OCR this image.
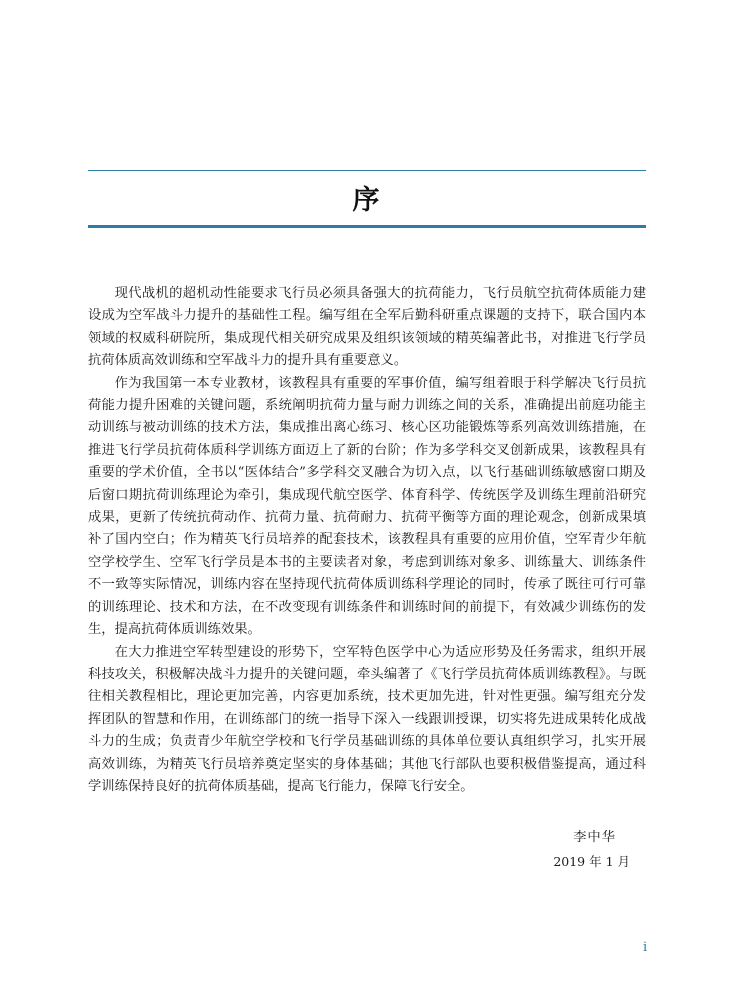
序

现代战机的超机动性能要求飞行员必须具备强大的抗荷能力，飞行员航空抗荷体质能力建设成为空军战斗力提升的基础性工程。编写组在全军后勤科研重点课题的支持下，联合国内本领域的权威科研院所，集成现代相关研究成果及组织该领域的精英编著此书，对推进飞行学员抗荷体质高效训练和空军战斗力的提升具有重要意义。

作为我国第一本专业教材，该教程具有重要的军事价值，编写组着眼于科学解决飞行员抗荷能力提升困难的关键问题，系统阐明抗荷力量与耐力训练之间的关系，准确提出前庭功能主动训练与被动训练的技术方法，集成推出离心练习、核心区功能锻炼等系列高效训练措施，在推进飞行学员抗荷体质科学训练方面迈上了新的台阶；作为多学科交叉创新成果，该教程具有重要的学术价值，全书以“医体结合”多学科交叉融合为切入点，以飞行基础训练敏感窗口期及后窗口期抗荷训练理论为牵引，集成现代航空医学、体育科学、传统医学及训练生理前沿研究成果，更新了传统抗荷动作、抗荷力量、抗荷耐力、抗荷平衡等方面的理论观念，创新成果填补了国内空白；作为精英飞行员培养的配套技术，该教程具有重要的应用价值，空军青少年航空学校学生、空军飞行学员是本书的主要读者对象，考虑到训练对象多、训练量大、训练条件不一致等实际情况，训练内容在坚持现代抗荷体质训练科学理论的同时，传承了既往可行可靠的训练理论、技术和方法，在不改变现有训练条件和训练时间的前提下，有效减少训练伤的发生，提高抗荷体质训练效果。

在大力推进空军转型建设的形势下，空军特色医学中心为适应形势及任务需求，组织开展科技攻关，积极解决战斗力提升的关键问题，牵头编著了《飞行学员抗荷体质训练教程》。与既往相关教程相比，理论更加完善，内容更加系统，技术更加先进，针对性更强。编写组充分发挥团队的智慧和作用，在训练部门的统一指导下深入一线跟训授课，切实将先进成果转化成战斗力的生成；负责青少年航空学校和飞行学员基础训练的具体单位要认真组织学习，扎实开展高效训练，为精英飞行员培养奠定坚实的身体基础；其他飞行部队也要积极借鉴提高，通过科学训练保持良好的抗荷体质基础，提高飞行能力，保障飞行安全。

李中华
2019 年 1 月
i
